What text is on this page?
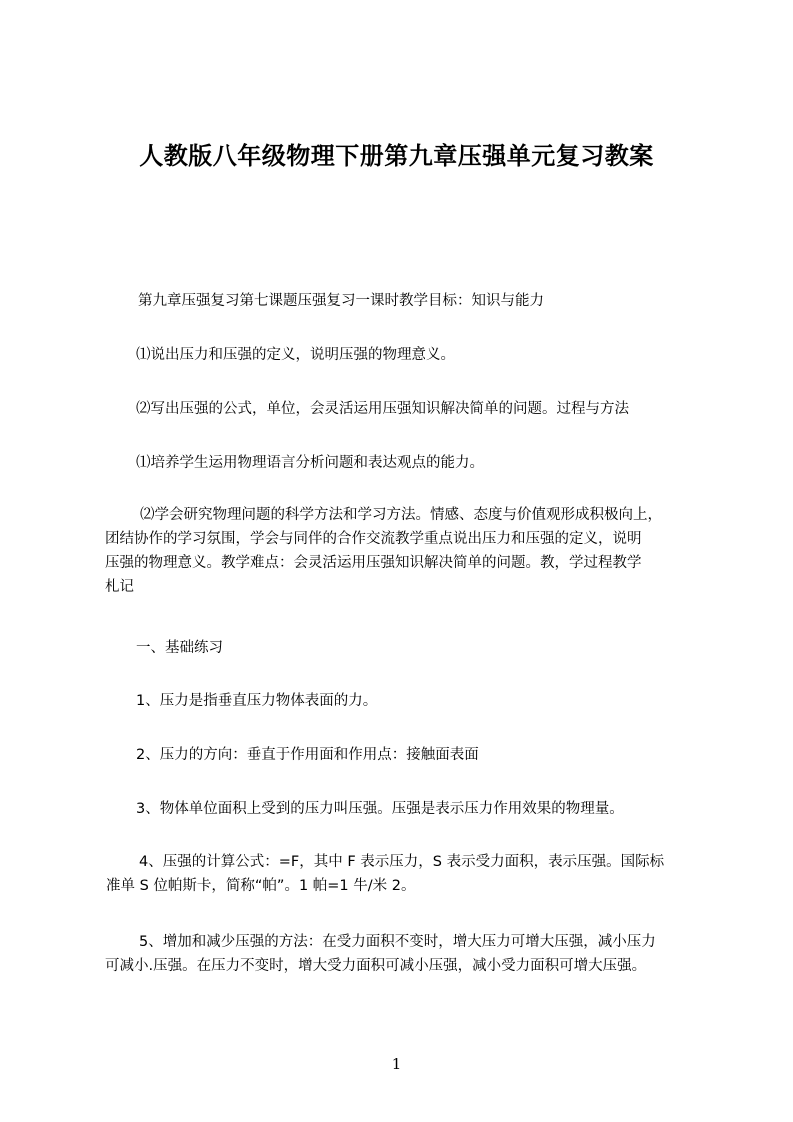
人教版八年级物理下册第九章压强单元复习教案
第九章压强复习第七课题压强复习一课时教学目标：知识与能力
⑴说出压力和压强的定义，说明压强的物理意义。
⑵写出压强的公式，单位，会灵活运用压强知识解决简单的问题。过程与方法
⑴培养学生运用物理语言分析问题和表达观点的能力。
⑵学会研究物理问题的科学方法和学习方法。情感、态度与价值观形成积极向上，
团结协作的学习氛围，学会与同伴的合作交流教学重点说出压力和压强的定义，说明
压强的物理意义。教学难点：会灵活运用压强知识解决简单的问题。教，学过程教学
札记
一、基础练习
1、压力是指垂直压力物体表面的力。
2、压力的方向：垂直于作用面和作用点：接触面表面
3、物体单位面积上受到的压力叫压强。压强是表示压力作用效果的物理量。
4、压强的计算公式：=F，其中 F 表示压力，S 表示受力面积，表示压强。国际标
准单 S 位帕斯卡，简称“帕”。1 帕=1 牛/米 2。
5、增加和减少压强的方法：在受力面积不变时，增大压力可增大压强，减小压力
可减小.压强。在压力不变时，增大受力面积可减小压强，减小受力面积可增大压强。
1
